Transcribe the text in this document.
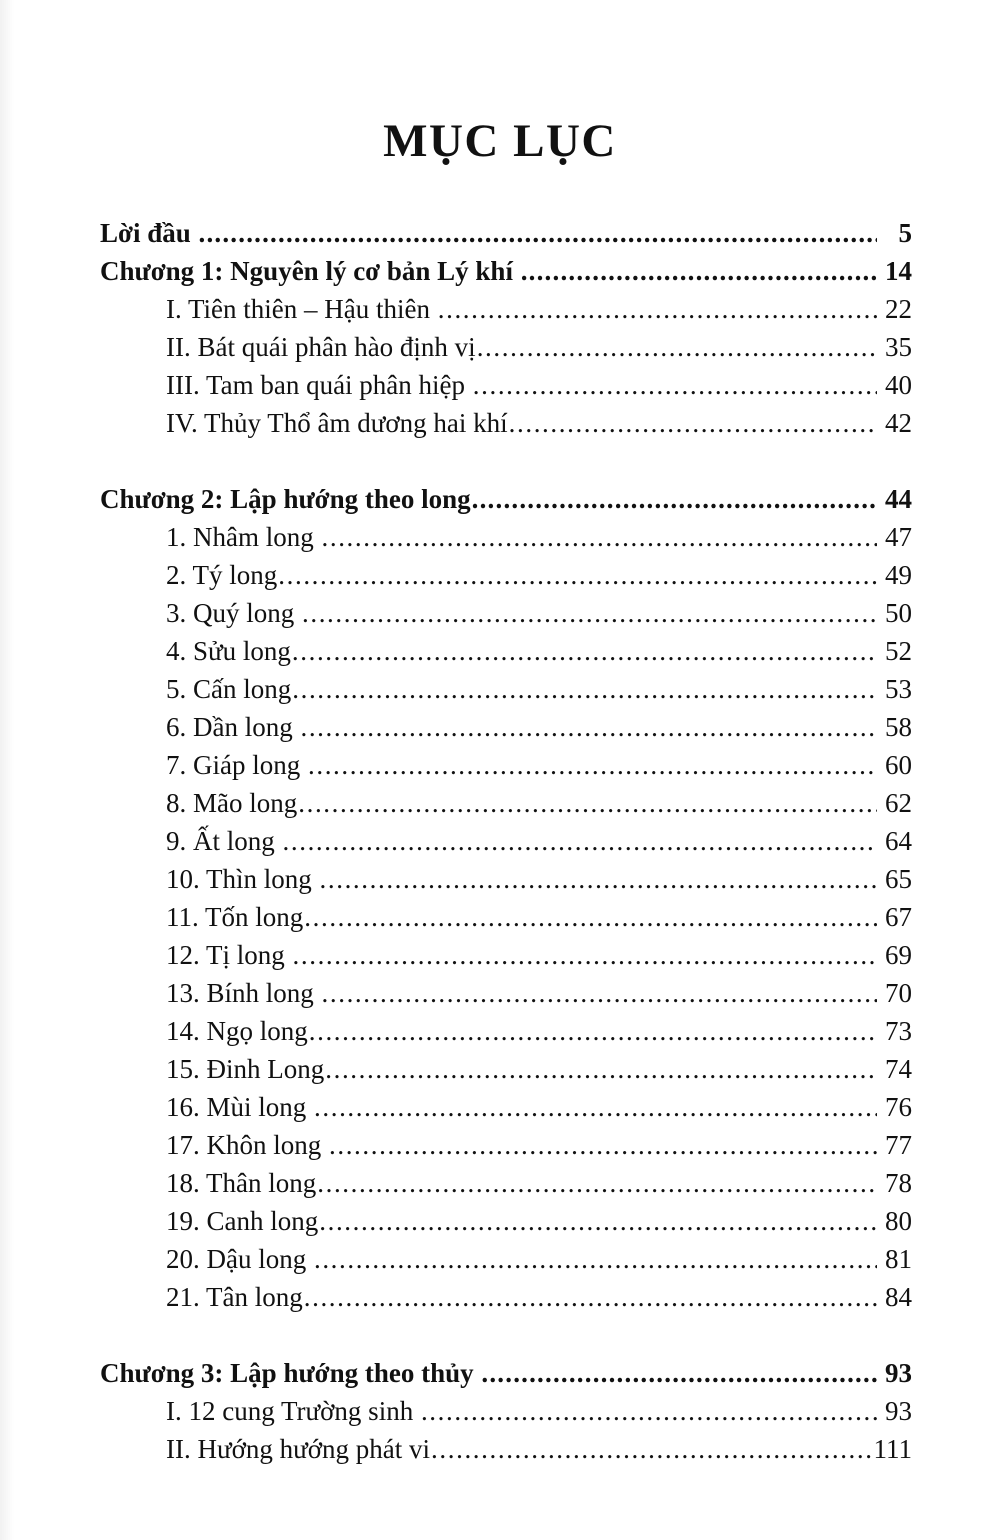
MỤC LỤC
Lời đầu .....	5
Chương 1: Nguyên lý cơ bản Lý khí .....	14
I. Tiên thiên – Hậu thiên .....	22
II. Bát quái phân hào định vị .....	35
III. Tam ban quái phân hiệp .....	40
IV. Thủy Thổ âm dương hai khí .....	42
Chương 2: Lập hướng theo long .....	44
1. Nhâm long .....	47
2. Tý long .....	49
3. Quý long .....	50
4. Sửu long .....	52
5. Cấn long .....	53
6. Dần long .....	58
7. Giáp long .....	60
8. Mão long .....	62
9. Ất long .....	64
10. Thìn long .....	65
11. Tốn long .....	67
12. Tị long .....	69
13. Bính long .....	70
14. Ngọ long .....	73
15. Đinh Long .....	74
16. Mùi long .....	76
17. Khôn long .....	77
18. Thân long .....	78
19. Canh long .....	80
20. Dậu long .....	81
21. Tân long .....	84
Chương 3: Lập hướng theo thủy .....	93
I. 12 cung Trường sinh .....	93
II. Hướng hướng phát vi .....	111
